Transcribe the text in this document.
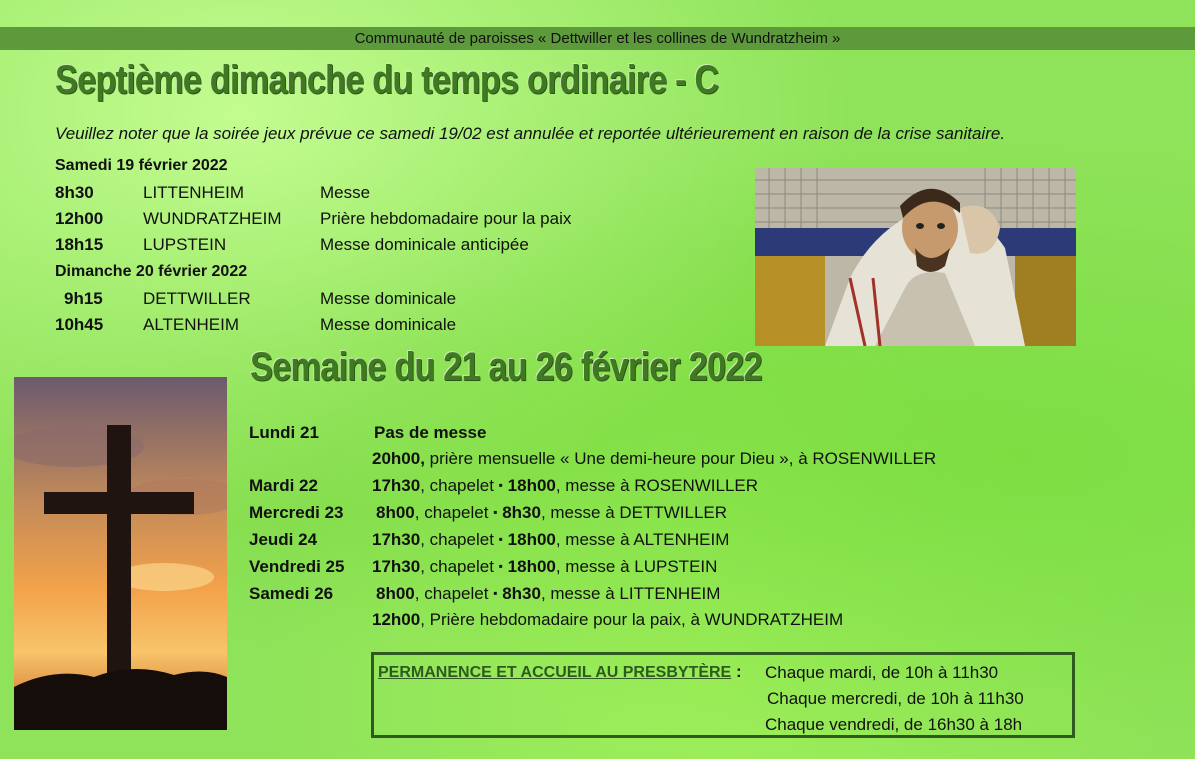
Communauté de paroisses « Dettwiller et les collines de Wundratzheim »
Septième dimanche du temps ordinaire - C
Veuillez noter que la soirée jeux prévue ce samedi 19/02 est annulée et reportée ultérieurement en raison de la crise sanitaire.
Samedi 19 février 2022
8h30	LITTENHEIM	Messe
12h00 WUNDRATZHEIM Prière hebdomadaire pour la paix
18h15 LUPSTEIN	Messe dominicale anticipée
Dimanche 20 février 2022
9h15 DETTWILLER	Messe dominicale
10h45 ALTENHEIM	Messe dominicale
Semaine du 21 au 26 février 2022
Lundi 21	Pas de messe
20h00, prière mensuelle « Une demi-heure pour Dieu », à ROSENWILLER
Mardi 22	17h30, chapelet ▪ 18h00, messe à ROSENWILLER
Mercredi 23 8h00, chapelet ▪ 8h30, messe à DETTWILLER
Jeudi 24	17h30, chapelet ▪ 18h00, messe à ALTENHEIM
Vendredi 25 17h30, chapelet ▪ 18h00, messe à LUPSTEIN
Samedi 26	8h00, chapelet ▪ 8h30, messe à LITTENHEIM
12h00, Prière hebdomadaire pour la paix, à WUNDRATZHEIM
PERMANENCE ET ACCUEIL AU PRESBYTÈRE : Chaque mardi, de 10h à 11h30
Chaque mercredi, de 10h à 11h30
Chaque vendredi, de 16h30 à 18h
